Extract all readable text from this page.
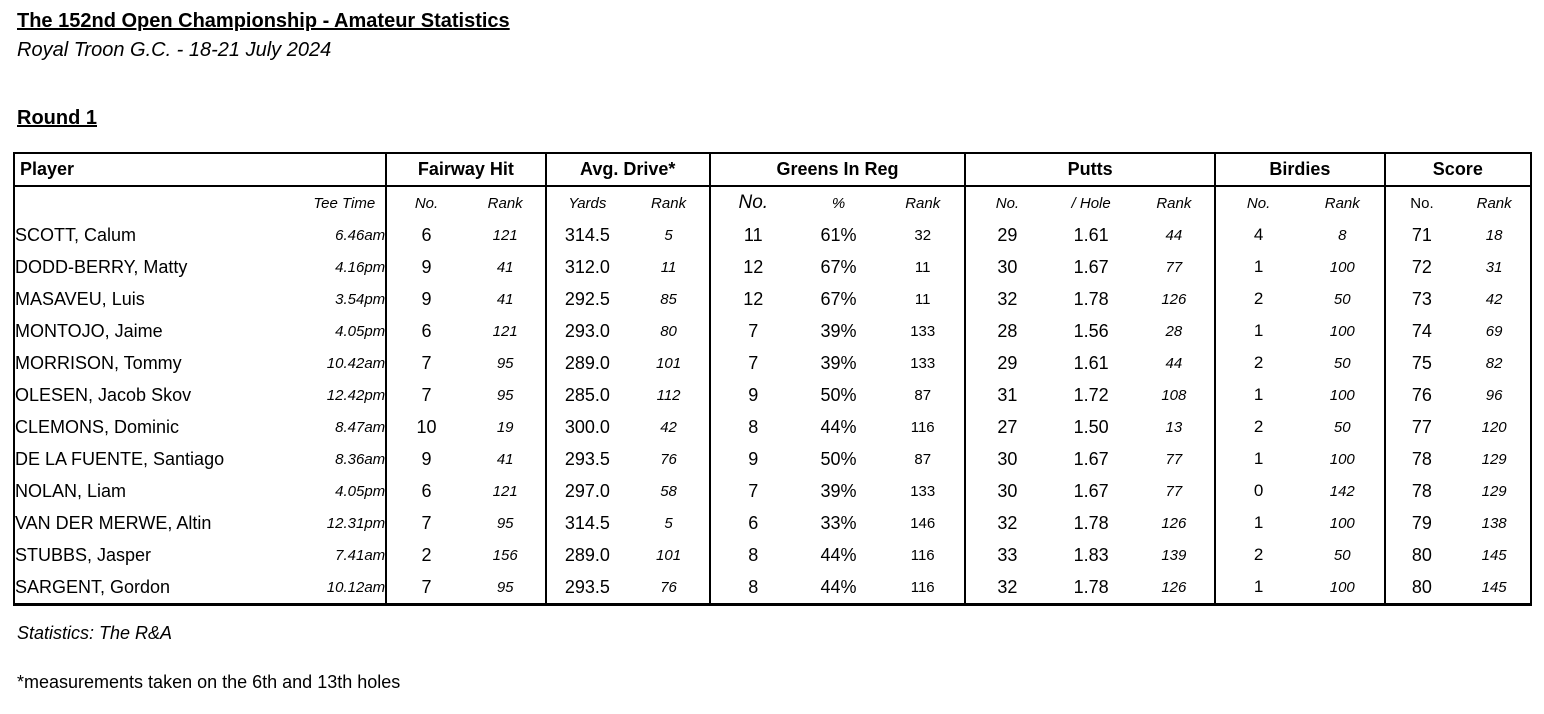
The 152nd Open Championship - Amateur Statistics
Royal Troon G.C. - 18-21 July 2024
Round 1
Player		Fairway Hit		Avg. Drive*		Greens In Reg			Putts			Birdies		Score	
	Tee Time	No.	Rank	Yards	Rank	No.	%	Rank	No.	/ Hole	Rank	No.	Rank	No.	Rank
SCOTT, Calum	6.46am	6	121	314.5	5	11	61%	32	29	1.61	44	4	8	71	18
DODD-BERRY, Matty	4.16pm	9	41	312.0	11	12	67%	11	30	1.67	77	1	100	72	31
MASAVEU, Luis	3.54pm	9	41	292.5	85	12	67%	11	32	1.78	126	2	50	73	42
MONTOJO, Jaime	4.05pm	6	121	293.0	80	7	39%	133	28	1.56	28	1	100	74	69
MORRISON, Tommy	10.42am	7	95	289.0	101	7	39%	133	29	1.61	44	2	50	75	82
OLESEN, Jacob Skov	12.42pm	7	95	285.0	112	9	50%	87	31	1.72	108	1	100	76	96
CLEMONS, Dominic	8.47am	10	19	300.0	42	8	44%	116	27	1.50	13	2	50	77	120
DE LA FUENTE, Santiago	8.36am	9	41	293.5	76	9	50%	87	30	1.67	77	1	100	78	129
NOLAN, Liam	4.05pm	6	121	297.0	58	7	39%	133	30	1.67	77	0	142	78	129
VAN DER MERWE, Altin	12.31pm	7	95	314.5	5	6	33%	146	32	1.78	126	1	100	79	138
STUBBS, Jasper	7.41am	2	156	289.0	101	8	44%	116	33	1.83	139	2	50	80	145
SARGENT, Gordon	10.12am	7	95	293.5	76	8	44%	116	32	1.78	126	1	100	80	145
Statistics: The R&A
*measurements taken on the 6th and 13th holes
